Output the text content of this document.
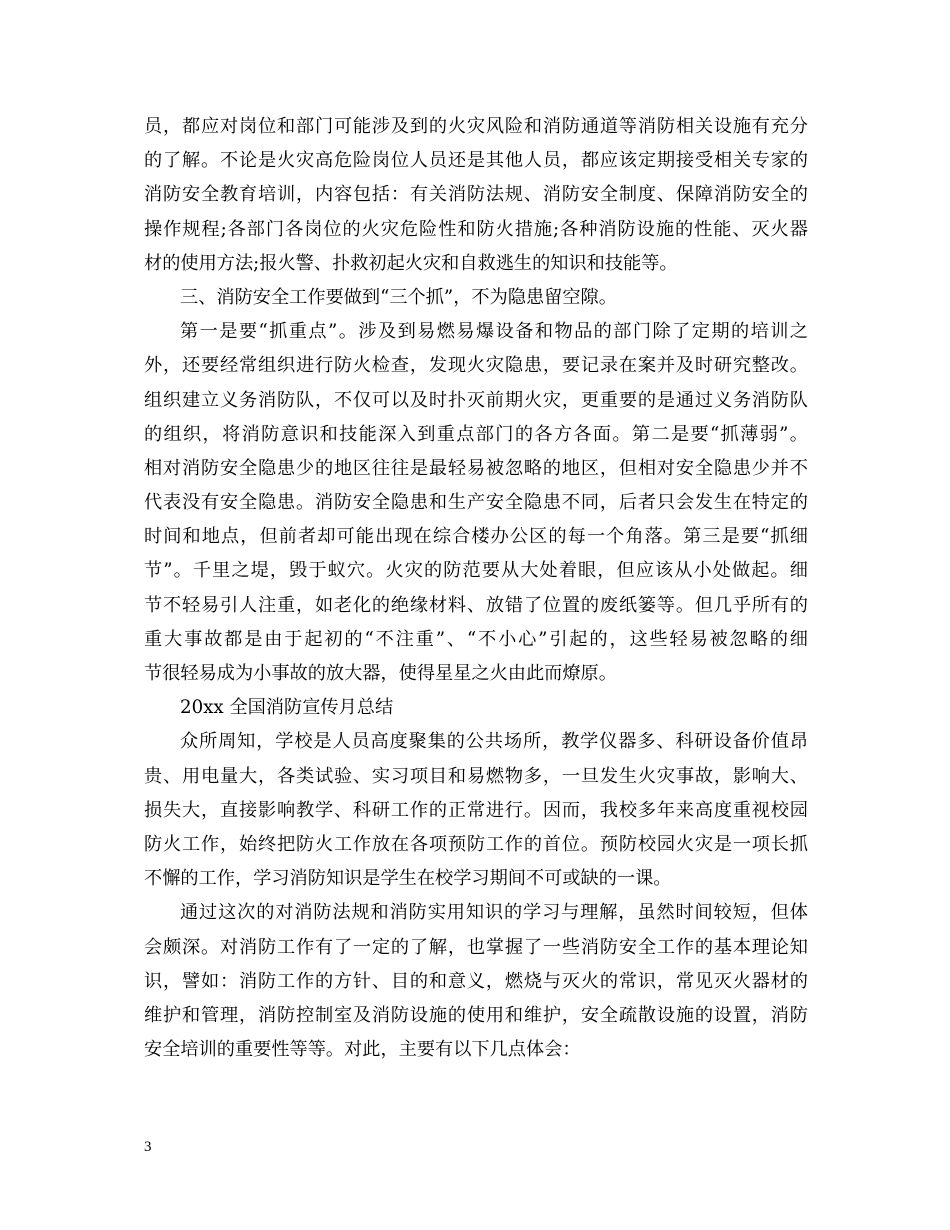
员，都应对岗位和部门可能涉及到的火灾风险和消防通道等消防相关设施有充分
的了解。不论是火灾高危险岗位人员还是其他人员，都应该定期接受相关专家的
消防安全教育培训，内容包括：有关消防法规、消防安全制度、保障消防安全的
操作规程;各部门各岗位的火灾危险性和防火措施;各种消防设施的性能、灭火器
材的使用方法;报火警、扑救初起火灾和自救逃生的知识和技能等。
三、消防安全工作要做到“三个抓”，不为隐患留空隙。
第一是要“抓重点”。涉及到易燃易爆设备和物品的部门除了定期的培训之
外，还要经常组织进行防火检查，发现火灾隐患，要记录在案并及时研究整改。
组织建立义务消防队，不仅可以及时扑灭前期火灾，更重要的是通过义务消防队
的组织，将消防意识和技能深入到重点部门的各方各面。第二是要“抓薄弱”。
相对消防安全隐患少的地区往往是最轻易被忽略的地区，但相对安全隐患少并不
代表没有安全隐患。消防安全隐患和生产安全隐患不同，后者只会发生在特定的
时间和地点，但前者却可能出现在综合楼办公区的每一个角落。第三是要“抓细
节”。千里之堤，毁于蚁穴。火灾的防范要从大处着眼，但应该从小处做起。细
节不轻易引人注重，如老化的绝缘材料、放错了位置的废纸篓等。但几乎所有的
重大事故都是由于起初的“不注重”、“不小心”引起的，这些轻易被忽略的细
节很轻易成为小事故的放大器，使得星星之火由此而燎原。
20xx 全国消防宣传月总结
众所周知，学校是人员高度聚集的公共场所，教学仪器多、科研设备价值昂
贵、用电量大，各类试验、实习项目和易燃物多，一旦发生火灾事故，影响大、
损失大，直接影响教学、科研工作的正常进行。因而，我校多年来高度重视校园
防火工作，始终把防火工作放在各项预防工作的首位。预防校园火灾是一项长抓
不懈的工作，学习消防知识是学生在校学习期间不可或缺的一课。
通过这次的对消防法规和消防实用知识的学习与理解，虽然时间较短，但体
会颇深。对消防工作有了一定的了解，也掌握了一些消防安全工作的基本理论知
识，譬如：消防工作的方针、目的和意义，燃烧与灭火的常识，常见灭火器材的
维护和管理，消防控制室及消防设施的使用和维护，安全疏散设施的设置，消防
安全培训的重要性等等。对此，主要有以下几点体会：
3
